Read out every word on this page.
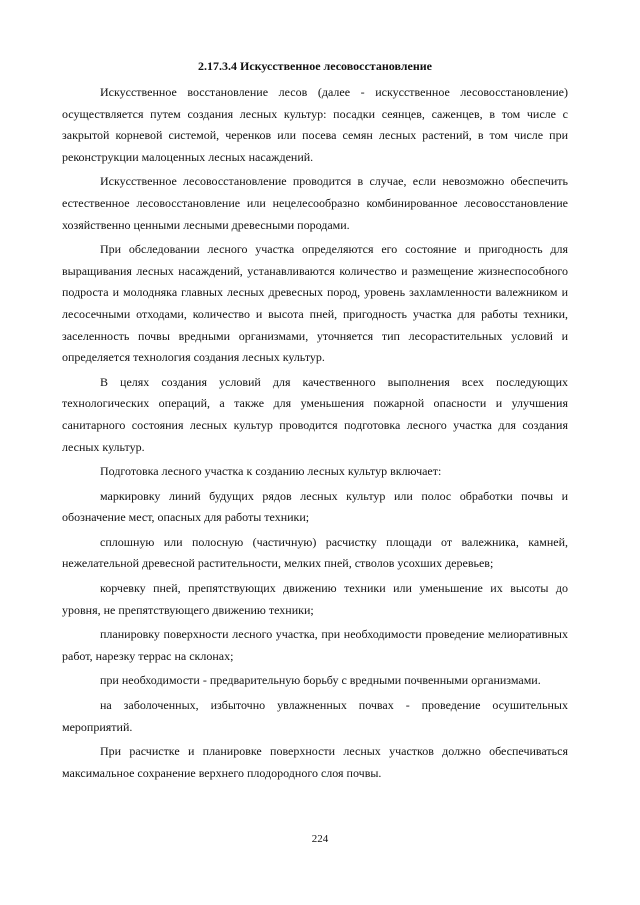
2.17.3.4 Искусственное лесовосстановление

Искусственное восстановление лесов (далее - искусственное лесовосстановление) осуществляется путем создания лесных культур: посадки сеянцев, саженцев, в том числе с закрытой корневой системой, черенков или посева семян лесных растений, в том числе при реконструкции малоценных лесных насаждений.

Искусственное лесовосстановление проводится в случае, если невозможно обеспечить естественное лесовосстановление или нецелесообразно комбинированное лесовосстановление хозяйственно ценными лесными древесными породами.

При обследовании лесного участка определяются его состояние и пригодность для выращивания лесных насаждений, устанавливаются количество и размещение жизнеспособного подроста и молодняка главных лесных древесных пород, уровень захламленности валежником и лесосечными отходами, количество и высота пней, пригодность участка для работы техники, заселенность почвы вредными организмами, уточняется тип лесорастительных условий и определяется технология создания лесных культур.

В целях создания условий для качественного выполнения всех последующих технологических операций, а также для уменьшения пожарной опасности и улучшения санитарного состояния лесных культур проводится подготовка лесного участка для создания лесных культур.

Подготовка лесного участка к созданию лесных культур включает:

маркировку линий будущих рядов лесных культур или полос обработки почвы и обозначение мест, опасных для работы техники;

сплошную или полосную (частичную) расчистку площади от валежника, камней, нежелательной древесной растительности, мелких пней, стволов усохших деревьев;

корчевку пней, препятствующих движению техники или уменьшение их высоты до уровня, не препятствующего движению техники;

планировку поверхности лесного участка, при необходимости проведение мелиоративных работ, нарезку террас на склонах;

при необходимости - предварительную борьбу с вредными почвенными организмами.

на заболоченных, избыточно увлажненных почвах - проведение осушительных мероприятий.

При расчистке и планировке поверхности лесных участков должно обеспечиваться максимальное сохранение верхнего плодородного слоя почвы.

224
